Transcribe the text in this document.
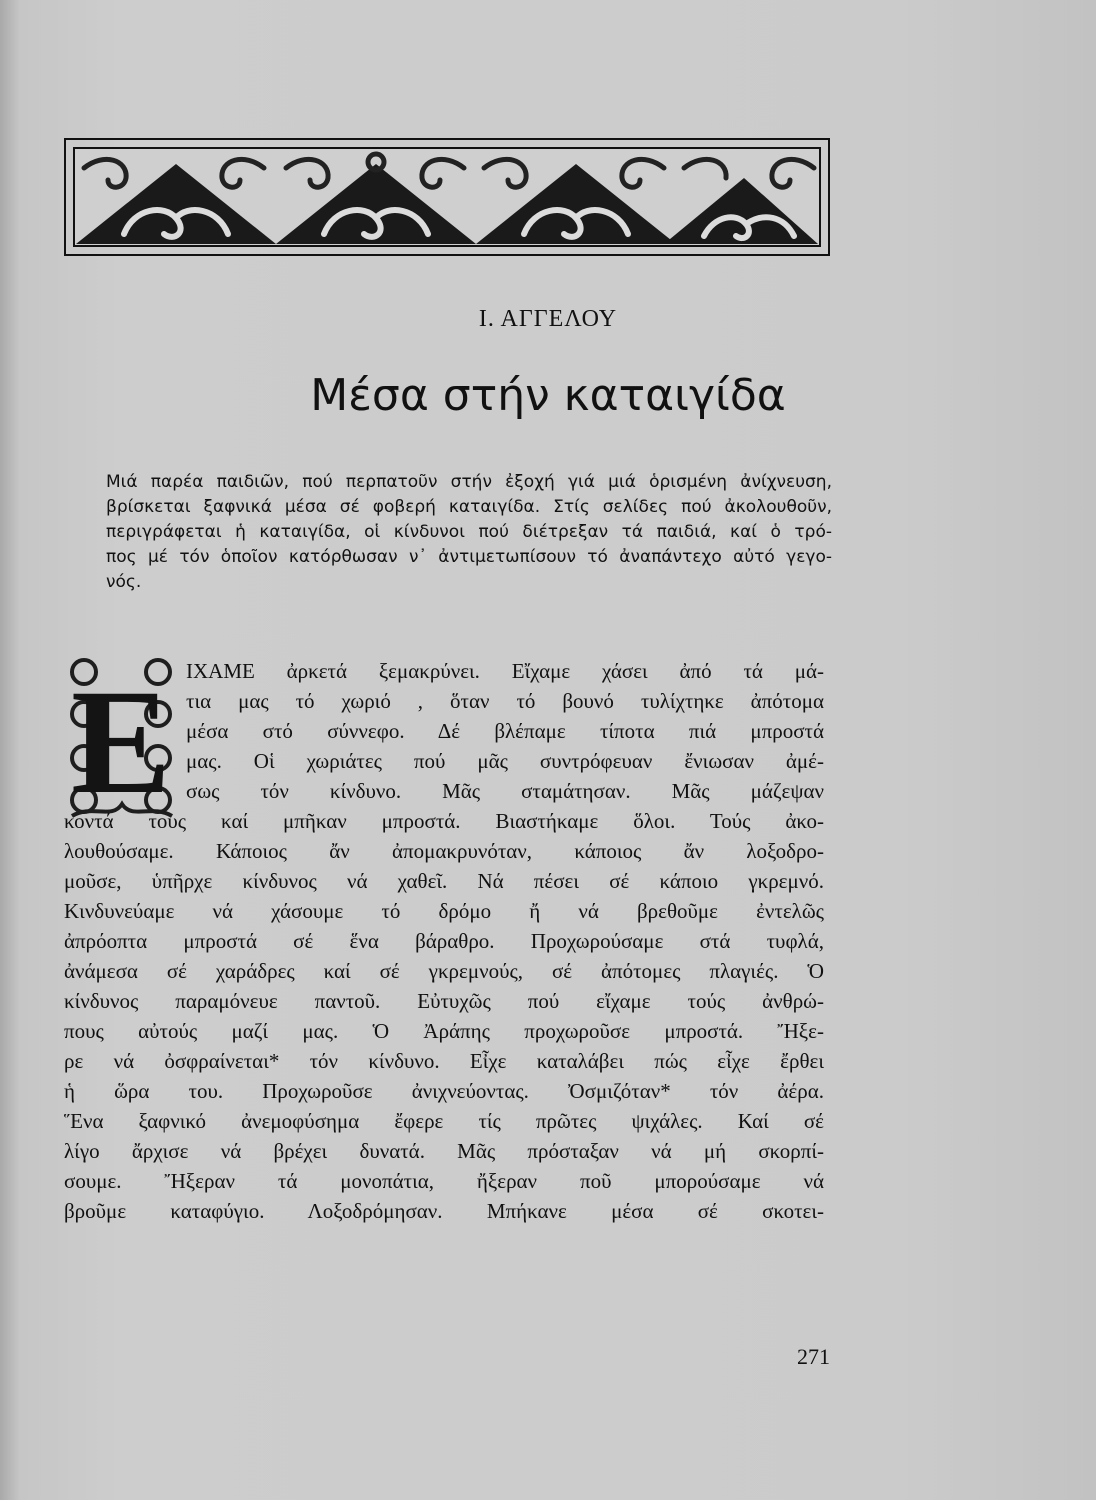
Ι. ΑΓΓΕΛΟΥ
Μέσα στήν καταιγίδα
Μιά παρέα παιδιῶν, πού περπατοῦν στήν ἐξοχή γιά μιά ὁρισμένη ἀνίχνευση,
βρίσκεται ξαφνικά μέσα σέ φοβερή καταιγίδα. Στίς σελίδες πού ἀκολουθοῦν,
περιγράφεται ἡ καταιγίδα, οἱ κίνδυνοι πού διέτρεξαν τά παιδιά, καί ὁ τρό-
πος μέ τόν ὁποῖον κατόρθωσαν ν᾿ ἀντιμετωπίσουν τό ἀναπάντεχο αὐτό γεγο-
νός.
Ε ΙΧΑΜΕ ἀρκετά ξεμακρύνει. Εἴχαμε χάσει ἀπό τά μά-
τια μας τό χωριό , ὅταν τό βουνό τυλίχτηκε ἀπότομα
μέσα στό σύννεφο. Δέ βλέπαμε τίποτα πιά μπροστά
μας. Οἱ χωριάτες πού μᾶς συντρόφευαν ἔνιωσαν ἀμέ-
σως τόν κίνδυνο. Μᾶς σταμάτησαν. Μᾶς μάζεψαν
κοντά τους καί μπῆκαν μπροστά. Βιαστήκαμε ὅλοι. Τούς ἀκο-
λουθούσαμε. Κάποιος ἄν ἀπομακρυνόταν, κάποιος ἄν λοξοδρο-
μοῦσε, ὑπῆρχε κίνδυνος νά χαθεῖ. Νά πέσει σέ κάποιο γκρεμνό.
Κινδυνεύαμε νά χάσουμε τό δρόμο ἤ νά βρεθοῦμε ἐντελῶς
ἀπρόοπτα μπροστά σέ ἕνα βάραθρο. Προχωρούσαμε στά τυφλά,
ἀνάμεσα σέ χαράδρες καί σέ γκρεμνούς, σέ ἀπότομες πλαγιές. Ὁ
κίνδυνος παραμόνευε παντοῦ. Εὐτυχῶς πού εἴχαμε τούς ἀνθρώ-
πους αὐτούς μαζί μας. Ὁ Ἀράπης προχωροῦσε μπροστά. Ἤξε-
ρε νά ὀσφραίνεται* τόν κίνδυνο. Εἶχε καταλάβει πώς εἶχε ἔρθει
ἡ ὥρα του. Προχωροῦσε ἀνιχνεύοντας. Ὀσμιζόταν* τόν ἀέρα.
Ἕνα ξαφνικό ἀνεμοφύσημα ἔφερε τίς πρῶτες ψιχάλες. Καί σέ
λίγο ἄρχισε νά βρέχει δυνατά. Μᾶς πρόσταξαν νά μή σκορπί-
σουμε. Ἤξεραν τά μονοπάτια, ἤξεραν ποῦ μπορούσαμε νά
βροῦμε καταφύγιο. Λοξοδρόμησαν. Μπήκανε μέσα σέ σκοτει-
271
